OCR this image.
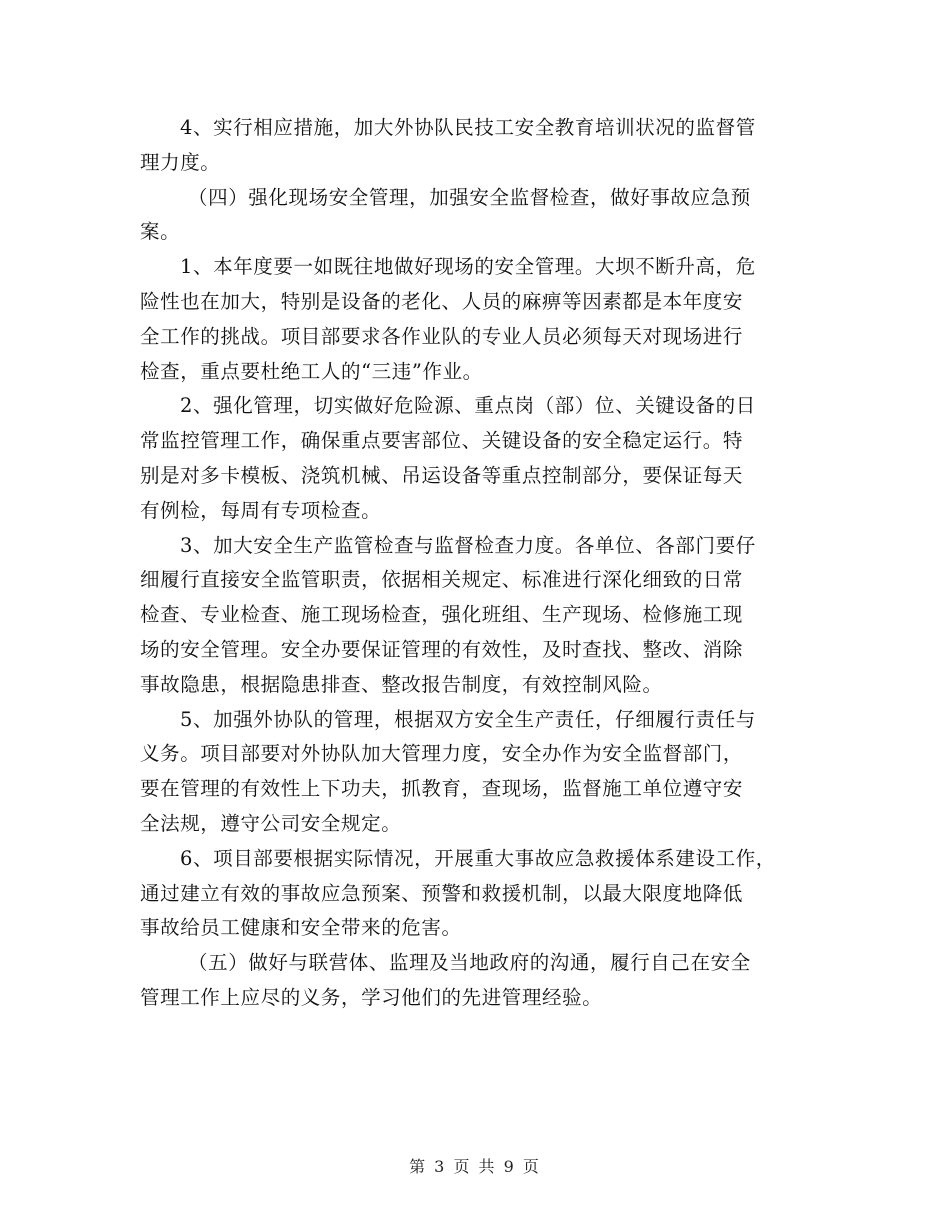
4、实行相应措施，加大外协队民技工安全教育培训状况的监督管
理力度。
（四）强化现场安全管理，加强安全监督检查，做好事故应急预
案。
1、本年度要一如既往地做好现场的安全管理。大坝不断升高，危
险性也在加大，特别是设备的老化、人员的麻痹等因素都是本年度安
全工作的挑战。项目部要求各作业队的专业人员必须每天对现场进行
检查，重点要杜绝工人的“三违”作业。
2、强化管理，切实做好危险源、重点岗（部）位、关键设备的日
常监控管理工作，确保重点要害部位、关键设备的安全稳定运行。特
别是对多卡模板、浇筑机械、吊运设备等重点控制部分，要保证每天
有例检，每周有专项检查。
3、加大安全生产监管检查与监督检查力度。各单位、各部门要仔
细履行直接安全监管职责，依据相关规定、标准进行深化细致的日常
检查、专业检查、施工现场检查，强化班组、生产现场、检修施工现
场的安全管理。安全办要保证管理的有效性，及时查找、整改、消除
事故隐患，根据隐患排查、整改报告制度，有效控制风险。
5、加强外协队的管理，根据双方安全生产责任，仔细履行责任与
义务。项目部要对外协队加大管理力度，安全办作为安全监督部门，
要在管理的有效性上下功夫，抓教育，查现场，监督施工单位遵守安
全法规，遵守公司安全规定。
6、项目部要根据实际情况，开展重大事故应急救援体系建设工作，
通过建立有效的事故应急预案、预警和救援机制，以最大限度地降低
事故给员工健康和安全带来的危害。
（五）做好与联营体、监理及当地政府的沟通，履行自己在安全
管理工作上应尽的义务，学习他们的先进管理经验。
第 3 页 共 9 页
